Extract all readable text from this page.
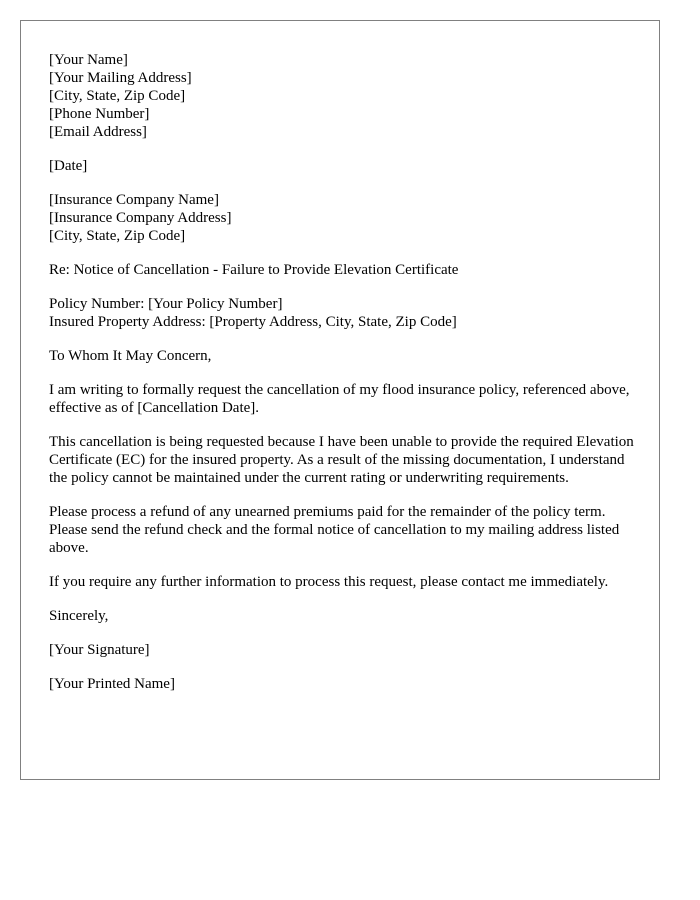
[Your Name]
[Your Mailing Address]
[City, State, Zip Code]
[Phone Number]
[Email Address]

[Date]

[Insurance Company Name]
[Insurance Company Address]
[City, State, Zip Code]

Re: Notice of Cancellation - Failure to Provide Elevation Certificate

Policy Number: [Your Policy Number]
Insured Property Address: [Property Address, City, State, Zip Code]

To Whom It May Concern,

I am writing to formally request the cancellation of my flood insurance policy, referenced above, effective as of [Cancellation Date].

This cancellation is being requested because I have been unable to provide the required Elevation Certificate (EC) for the insured property. As a result of the missing documentation, I understand the policy cannot be maintained under the current rating or underwriting requirements.

Please process a refund of any unearned premiums paid for the remainder of the policy term. Please send the refund check and the formal notice of cancellation to my mailing address listed above.

If you require any further information to process this request, please contact me immediately.

Sincerely,

[Your Signature]

[Your Printed Name]
